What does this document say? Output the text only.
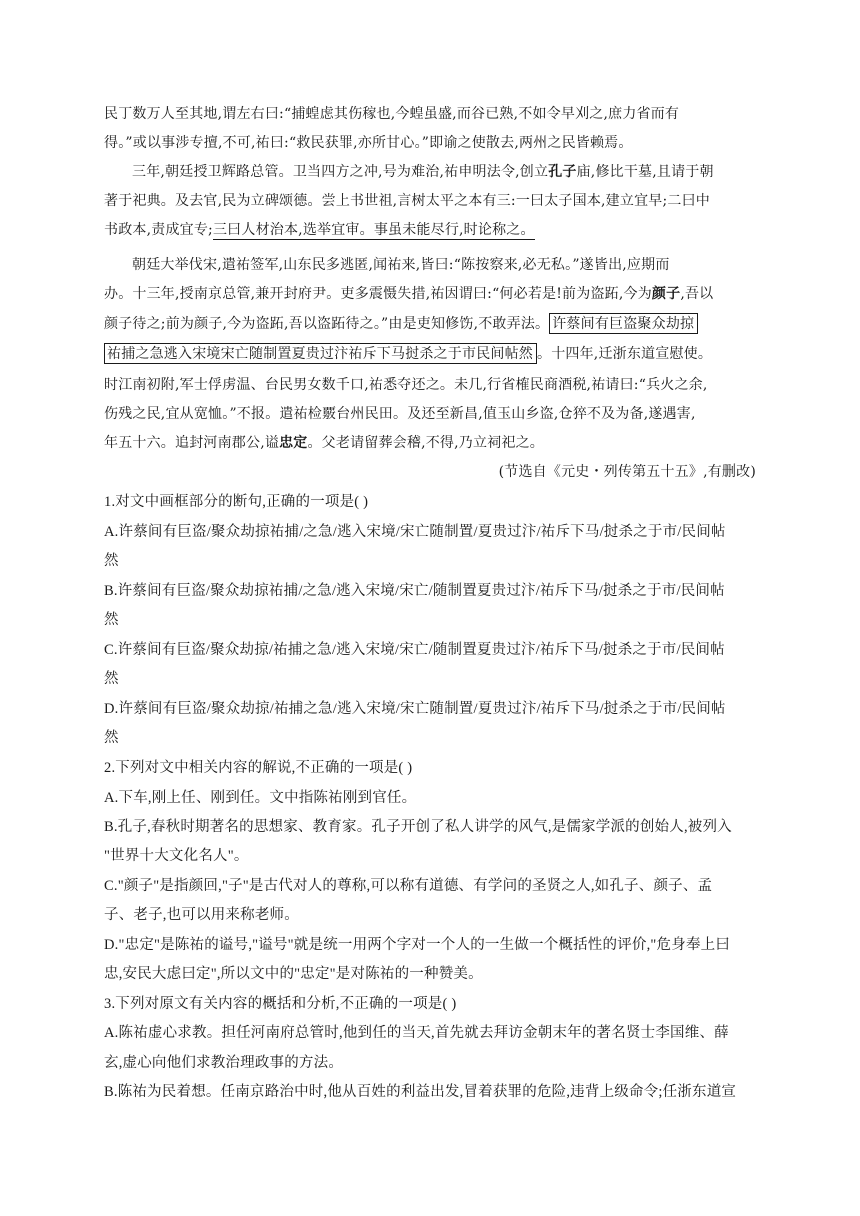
民丁数万人至其地,谓左右曰:“捕蝗虑其伤稼也,今蝗虽盛,而谷已熟,不如令早刈之,庶力省而有
得。”或以事涉专擅,不可,祐曰:“救民获罪,亦所甘心。”即谕之使散去,两州之民皆赖焉。
三年,朝廷授卫辉路总管。卫当四方之冲,号为难治,祐申明法令,创立孔子庙,修比干墓,且请于朝
著于祀典。及去官,民为立碑颂德。尝上书世祖,言树太平之本有三:一曰太子国本,建立宜早;二曰中
书政本,责成宜专;三曰人材治本,选举宜审。事虽未能尽行,时论称之。
朝廷大举伐宋,遣祐签军,山东民多逃匿,闻祐来,皆曰:“陈按察来,必无私。”遂皆出,应期而
办。十三年,授南京总管,兼开封府尹。吏多震慑失措,祐因谓曰:“何必若是!前为盗跖,今为颜子,吾以
颜子待之;前为颜子,今为盗跖,吾以盗跖待之。”由是吏知修饬,不敢弄法。 许蔡间有巨盗聚众劫掠
祐捕之急逃入宋境宋亡随制置夏贵过汴祐斥下马挝杀之于市民间帖然 。十四年,迁浙东道宣慰使。
时江南初附,军士俘虏温、台民男女数千口,祐悉夺还之。未几,行省榷民商酒税,祐请曰:“兵火之余,
伤残之民,宜从宽恤。”不报。遣祐检覈台州民田。及还至新昌,值玉山乡盗,仓猝不及为备,遂遇害,
年五十六。追封河南郡公,谥忠定。父老请留葬会稽,不得,乃立祠祀之。
(节选自《元史・列传第五十五》,有删改)
1.对文中画框部分的断句,正确的一项是( )
A.许蔡间有巨盗/聚众劫掠祐捕/之急/逃入宋境/宋亡随制置/夏贵过汴/祐斥下马/挝杀之于市/民间帖
然
B.许蔡间有巨盗/聚众劫掠祐捕/之急/逃入宋境/宋亡/随制置夏贵过汴/祐斥下马/挝杀之于市/民间帖
然
C.许蔡间有巨盗/聚众劫掠/祐捕之急/逃入宋境/宋亡/随制置夏贵过汴/祐斥下马/挝杀之于市/民间帖
然
D.许蔡间有巨盗/聚众劫掠/祐捕之急/逃入宋境/宋亡随制置/夏贵过汴/祐斥下马/挝杀之于市/民间帖
然
2.下列对文中相关内容的解说,不正确的一项是( )
A.下车,刚上任、刚到任。文中指陈祐刚到官任。
B.孔子,春秋时期著名的思想家、教育家。孔子开创了私人讲学的风气,是儒家学派的创始人,被列入
"世界十大文化名人"。
C."颜子"是指颜回,"子"是古代对人的尊称,可以称有道德、有学问的圣贤之人,如孔子、颜子、孟
子、老子,也可以用来称老师。
D."忠定"是陈祐的谥号,"谥号"就是统一用两个字对一个人的一生做一个概括性的评价,"危身奉上曰
忠,安民大虑曰定",所以文中的"忠定"是对陈祐的一种赞美。
3.下列对原文有关内容的概括和分析,不正确的一项是( )
A.陈祐虚心求教。担任河南府总管时,他到任的当天,首先就去拜访金朝末年的著名贤士李国维、薛
玄,虚心向他们求教治理政事的方法。
B.陈祐为民着想。任南京路治中时,他从百姓的利益出发,冒着获罪的危险,违背上级命令;任浙东道宣
